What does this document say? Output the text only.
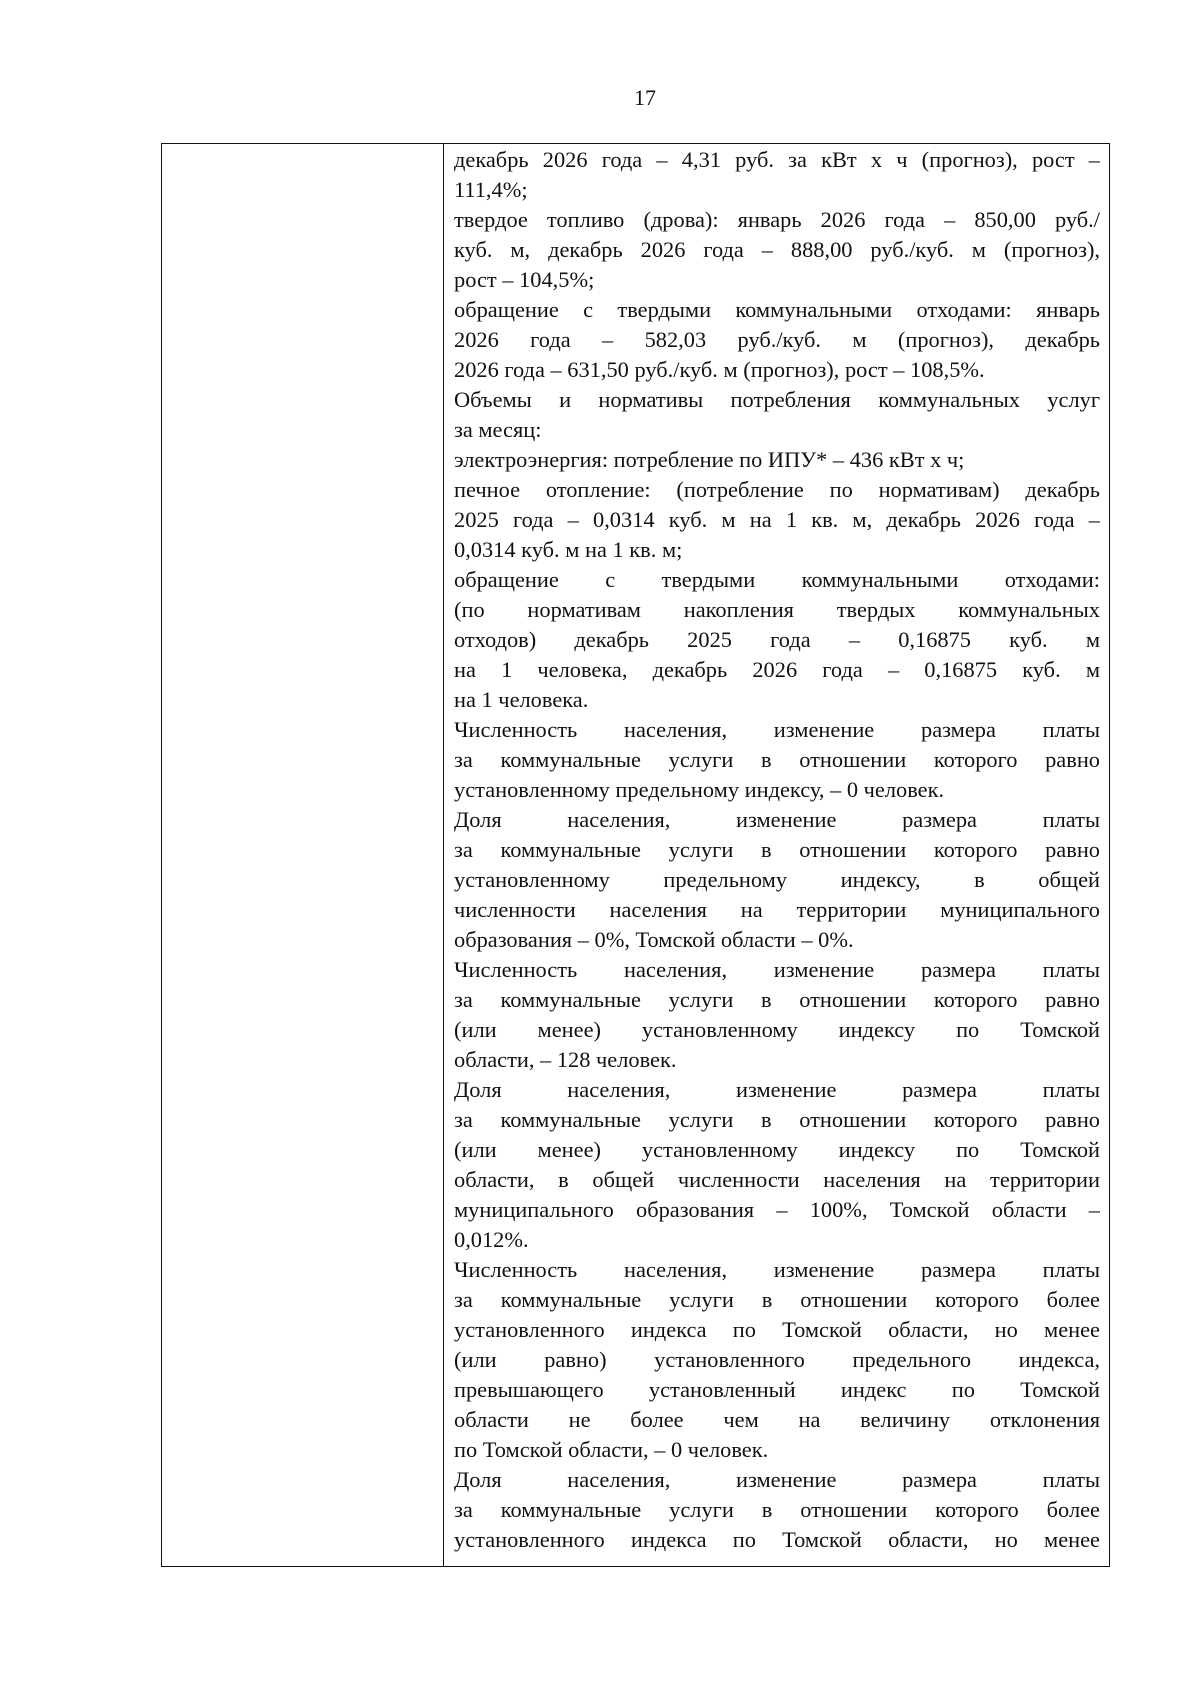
17
декабрь 2026 года – 4,31 руб. за кВт х ч (прогноз), рост –
111,4%;
твердое топливо (дрова): январь 2026 года – 850,00 руб./
куб. м, декабрь 2026 года – 888,00 руб./куб. м (прогноз),
рост – 104,5%;
обращение с твердыми коммунальными отходами: январь
2026 года – 582,03 руб./куб. м (прогноз), декабрь
2026 года – 631,50 руб./куб. м (прогноз), рост – 108,5%.
Объемы и нормативы потребления коммунальных услуг
за месяц:
электроэнергия: потребление по ИПУ* – 436 кВт х ч;
печное отопление: (потребление по нормативам) декабрь
2025 года – 0,0314 куб. м на 1 кв. м, декабрь 2026 года –
0,0314 куб. м на 1 кв. м;
обращение с твердыми коммунальными отходами:
(по нормативам накопления твердых коммунальных
отходов) декабрь 2025 года – 0,16875 куб. м
на 1 человека, декабрь 2026 года – 0,16875 куб. м
на 1 человека.
Численность населения, изменение размера платы
за коммунальные услуги в отношении которого равно
установленному предельному индексу, – 0 человек.
Доля населения, изменение размера платы
за коммунальные услуги в отношении которого равно
установленному предельному индексу, в общей
численности населения на территории муниципального
образования – 0%, Томской области – 0%.
Численность населения, изменение размера платы
за коммунальные услуги в отношении которого равно
(или менее) установленному индексу по Томской
области, – 128 человек.
Доля населения, изменение размера платы
за коммунальные услуги в отношении которого равно
(или менее) установленному индексу по Томской
области, в общей численности населения на территории
муниципального образования – 100%, Томской области –
0,012%.
Численность населения, изменение размера платы
за коммунальные услуги в отношении которого более
установленного индекса по Томской области, но менее
(или равно) установленного предельного индекса,
превышающего установленный индекс по Томской
области не более чем на величину отклонения
по Томской области, – 0 человек.
Доля населения, изменение размера платы
за коммунальные услуги в отношении которого более
установленного индекса по Томской области, но менее
